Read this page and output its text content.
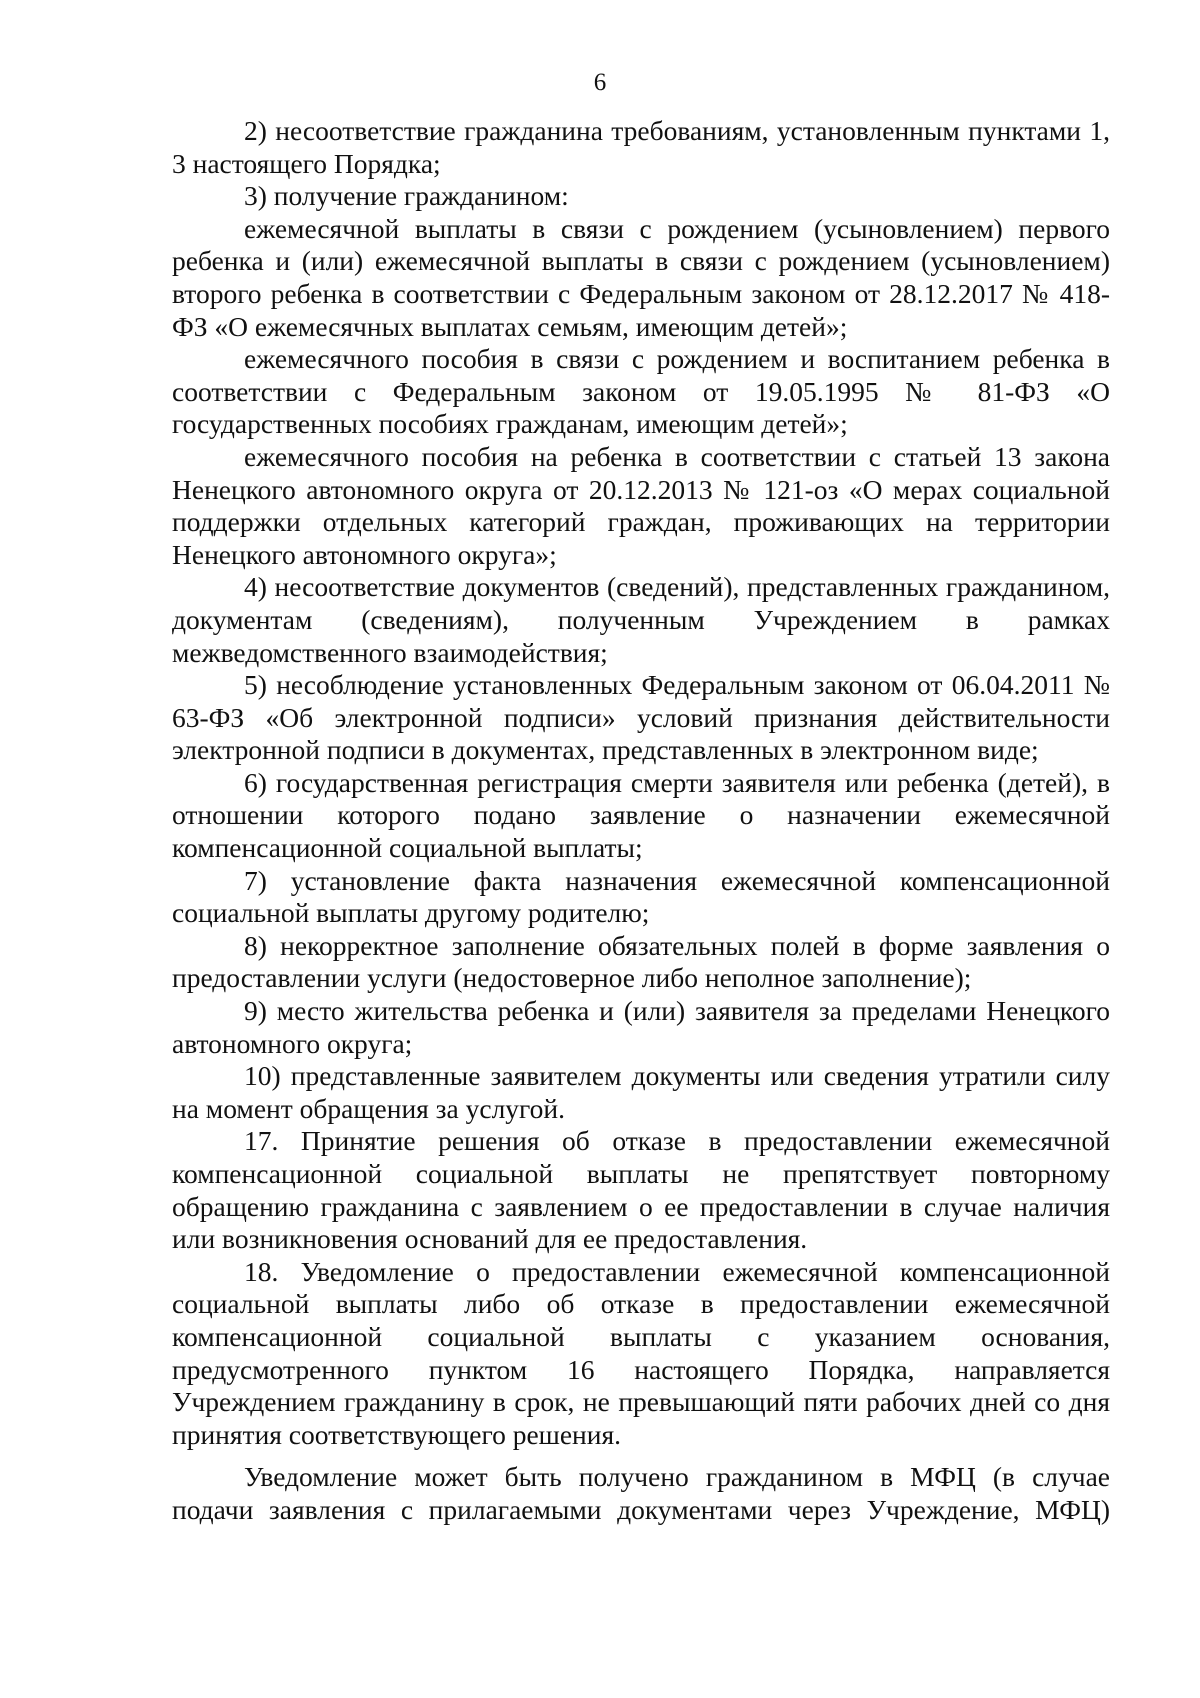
6

2) несоответствие гражданина требованиям, установленным пунктами 1, 3 настоящего Порядка;

3) получение гражданином:

ежемесячной выплаты в связи с рождением (усыновлением) первого ребенка и (или) ежемесячной выплаты в связи с рождением (усыновлением) второго ребенка в соответствии с Федеральным законом от 28.12.2017 № 418-ФЗ «О ежемесячных выплатах семьям, имеющим детей»;

ежемесячного пособия в связи с рождением и воспитанием ребенка в соответствии с Федеральным законом от 19.05.1995 № 81-ФЗ «О государственных пособиях гражданам, имеющим детей»;

ежемесячного пособия на ребенка в соответствии с статьей 13 закона Ненецкого автономного округа от 20.12.2013 № 121-оз «О мерах социальной поддержки отдельных категорий граждан, проживающих на территории Ненецкого автономного округа»;

4) несоответствие документов (сведений), представленных гражданином, документам (сведениям), полученным Учреждением в рамках межведомственного взаимодействия;

5) несоблюдение установленных Федеральным законом от 06.04.2011 № 63-ФЗ «Об электронной подписи» условий признания действительности электронной подписи в документах, представленных в электронном виде;

6) государственная регистрация смерти заявителя или ребенка (детей), в отношении которого подано заявление о назначении ежемесячной компенсационной социальной выплаты;

7) установление факта назначения ежемесячной компенсационной социальной выплаты другому родителю;

8) некорректное заполнение обязательных полей в форме заявления о предоставлении услуги (недостоверное либо неполное заполнение);

9) место жительства ребенка и (или) заявителя за пределами Ненецкого автономного округа;

10) представленные заявителем документы или сведения утратили силу на момент обращения за услугой.

17. Принятие решения об отказе в предоставлении ежемесячной компенсационной социальной выплаты не препятствует повторному обращению гражданина с заявлением о ее предоставлении в случае наличия или возникновения оснований для ее предоставления.

18. Уведомление о предоставлении ежемесячной компенсационной социальной выплаты либо об отказе в предоставлении ежемесячной компенсационной социальной выплаты с указанием основания, предусмотренного пунктом 16 настоящего Порядка, направляется Учреждением гражданину в срок, не превышающий пяти рабочих дней со дня принятия соответствующего решения.

Уведомление может быть получено гражданином в МФЦ (в случае подачи заявления с прилагаемыми документами через Учреждение, МФЦ)
